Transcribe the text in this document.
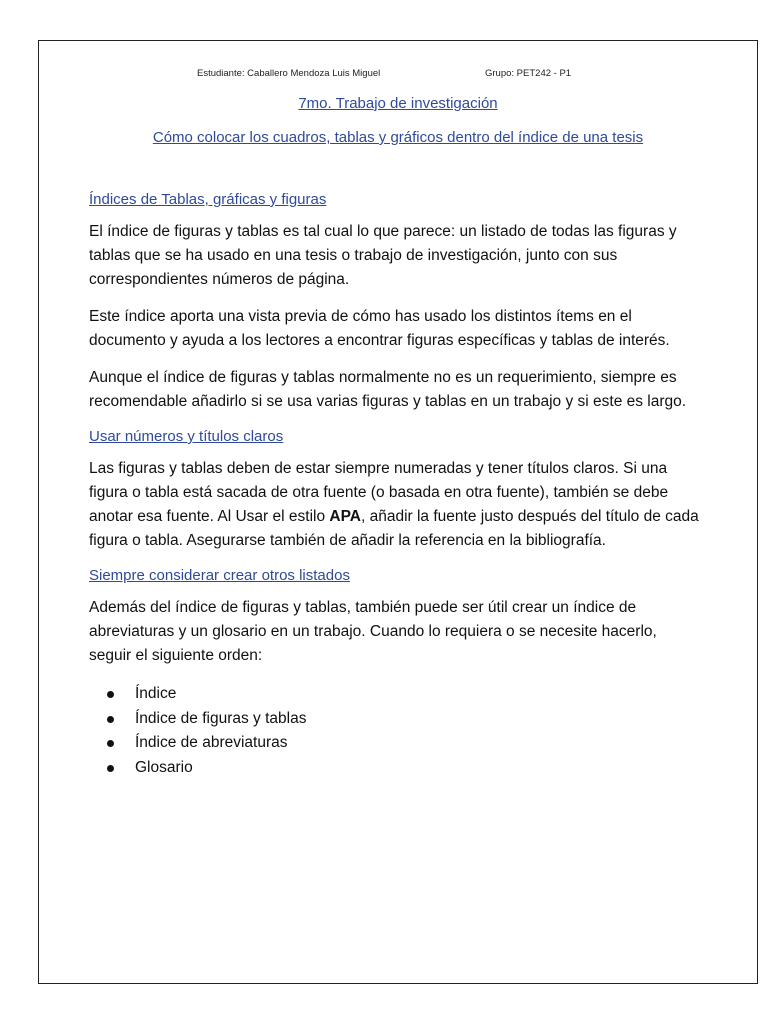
Estudiante: Caballero Mendoza Luis Miguel	Grupo: PET242 - P1
7mo. Trabajo de investigación
Cómo colocar los cuadros, tablas y gráficos dentro del índice de una tesis
Índices de Tablas, gráficas y figuras

El índice de figuras y tablas es tal cual lo que parece: un listado de todas las figuras y tablas que se ha usado en una tesis o trabajo de investigación, junto con sus correspondientes números de página.

Este índice aporta una vista previa de cómo has usado los distintos ítems en el documento y ayuda a los lectores a encontrar figuras específicas y tablas de interés.

Aunque el índice de figuras y tablas normalmente no es un requerimiento, siempre es recomendable añadirlo si se usa varias figuras y tablas en un trabajo y si este es largo.

Usar números y títulos claros

Las figuras y tablas deben de estar siempre numeradas y tener títulos claros. Si una figura o tabla está sacada de otra fuente (o basada en otra fuente), también se debe anotar esa fuente. Al Usar el estilo APA, añadir la fuente justo después del título de cada figura o tabla. Asegurarse también de añadir la referencia en la bibliografía.

Siempre considerar crear otros listados

Además del índice de figuras y tablas, también puede ser útil crear un índice de abreviaturas y un glosario en un trabajo. Cuando lo requiera o se necesite hacerlo, seguir el siguiente orden:

Índice
Índice de figuras y tablas
Índice de abreviaturas
Glosario
